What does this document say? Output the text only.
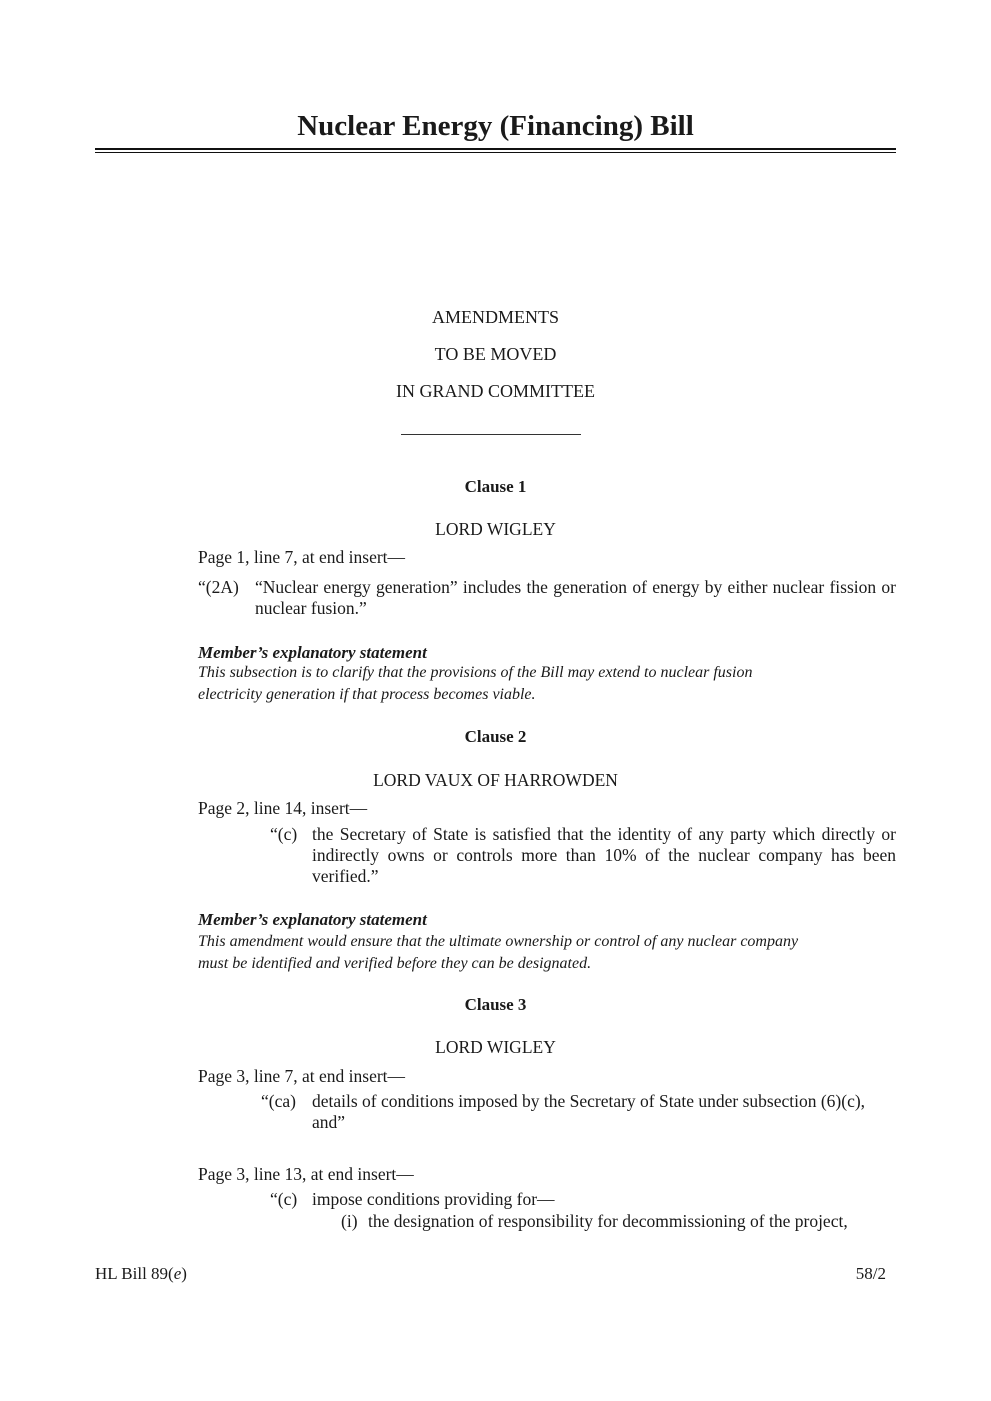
Nuclear Energy (Financing) Bill
AMENDMENTS
TO BE MOVED
IN GRAND COMMITTEE
Clause 1
LORD WIGLEY
Page 1, line 7, at end insert—
“(2A) “Nuclear energy generation” includes the generation of energy by either nuclear fission or nuclear fusion.”
Member’s explanatory statement
This subsection is to clarify that the provisions of the Bill may extend to nuclear fusion
electricity generation if that process becomes viable.
Clause 2
LORD VAUX OF HARROWDEN
Page 2, line 14, insert—
“(c) the Secretary of State is satisfied that the identity of any party which directly or indirectly owns or controls more than 10% of the nuclear company has been verified.”
Member’s explanatory statement
This amendment would ensure that the ultimate ownership or control of any nuclear company
must be identified and verified before they can be designated.
Clause 3
LORD WIGLEY
Page 3, line 7, at end insert—
“(ca) details of conditions imposed by the Secretary of State under subsection (6)(c), and”
Page 3, line 13, at end insert—
“(c) impose conditions providing for—
(i) the designation of responsibility for decommissioning of the project,
HL Bill 89(e)	58/2
